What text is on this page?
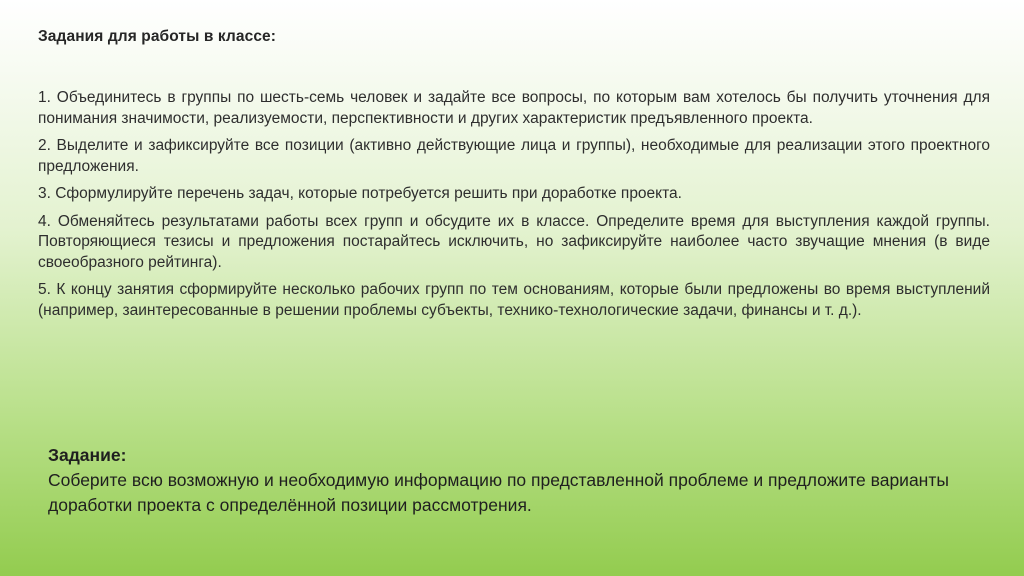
Задания для работы в классе:

1. Объединитесь в группы по шесть-семь человек и задайте все вопросы, по которым вам хотелось бы получить уточнения для понимания значимости, реализуемости, перспективности и других характеристик предъявленного проекта.

2. Выделите и зафиксируйте все позиции (активно действующие лица и группы), необходимые для реализации этого проектного предложения.

3. Сформулируйте перечень задач, которые потребуется решить при доработке проекта.

4. Обменяйтесь результатами работы всех групп и обсудите их в классе. Определите время для выступления каждой группы. Повторяющиеся тезисы и предложения постарайтесь исключить, но зафиксируйте наиболее часто звучащие мнения (в виде своеобразного рейтинга).

5. К концу занятия сформируйте несколько рабочих групп по тем основаниям, которые были предложены во время выступлений (например, заинтересованные в решении проблемы субъекты, технико-технологические задачи, финансы и т. д.).

Задание:

Соберите всю возможную и необходимую информацию по представленной проблеме и предложите варианты доработки проекта с определённой позиции рассмотрения.
